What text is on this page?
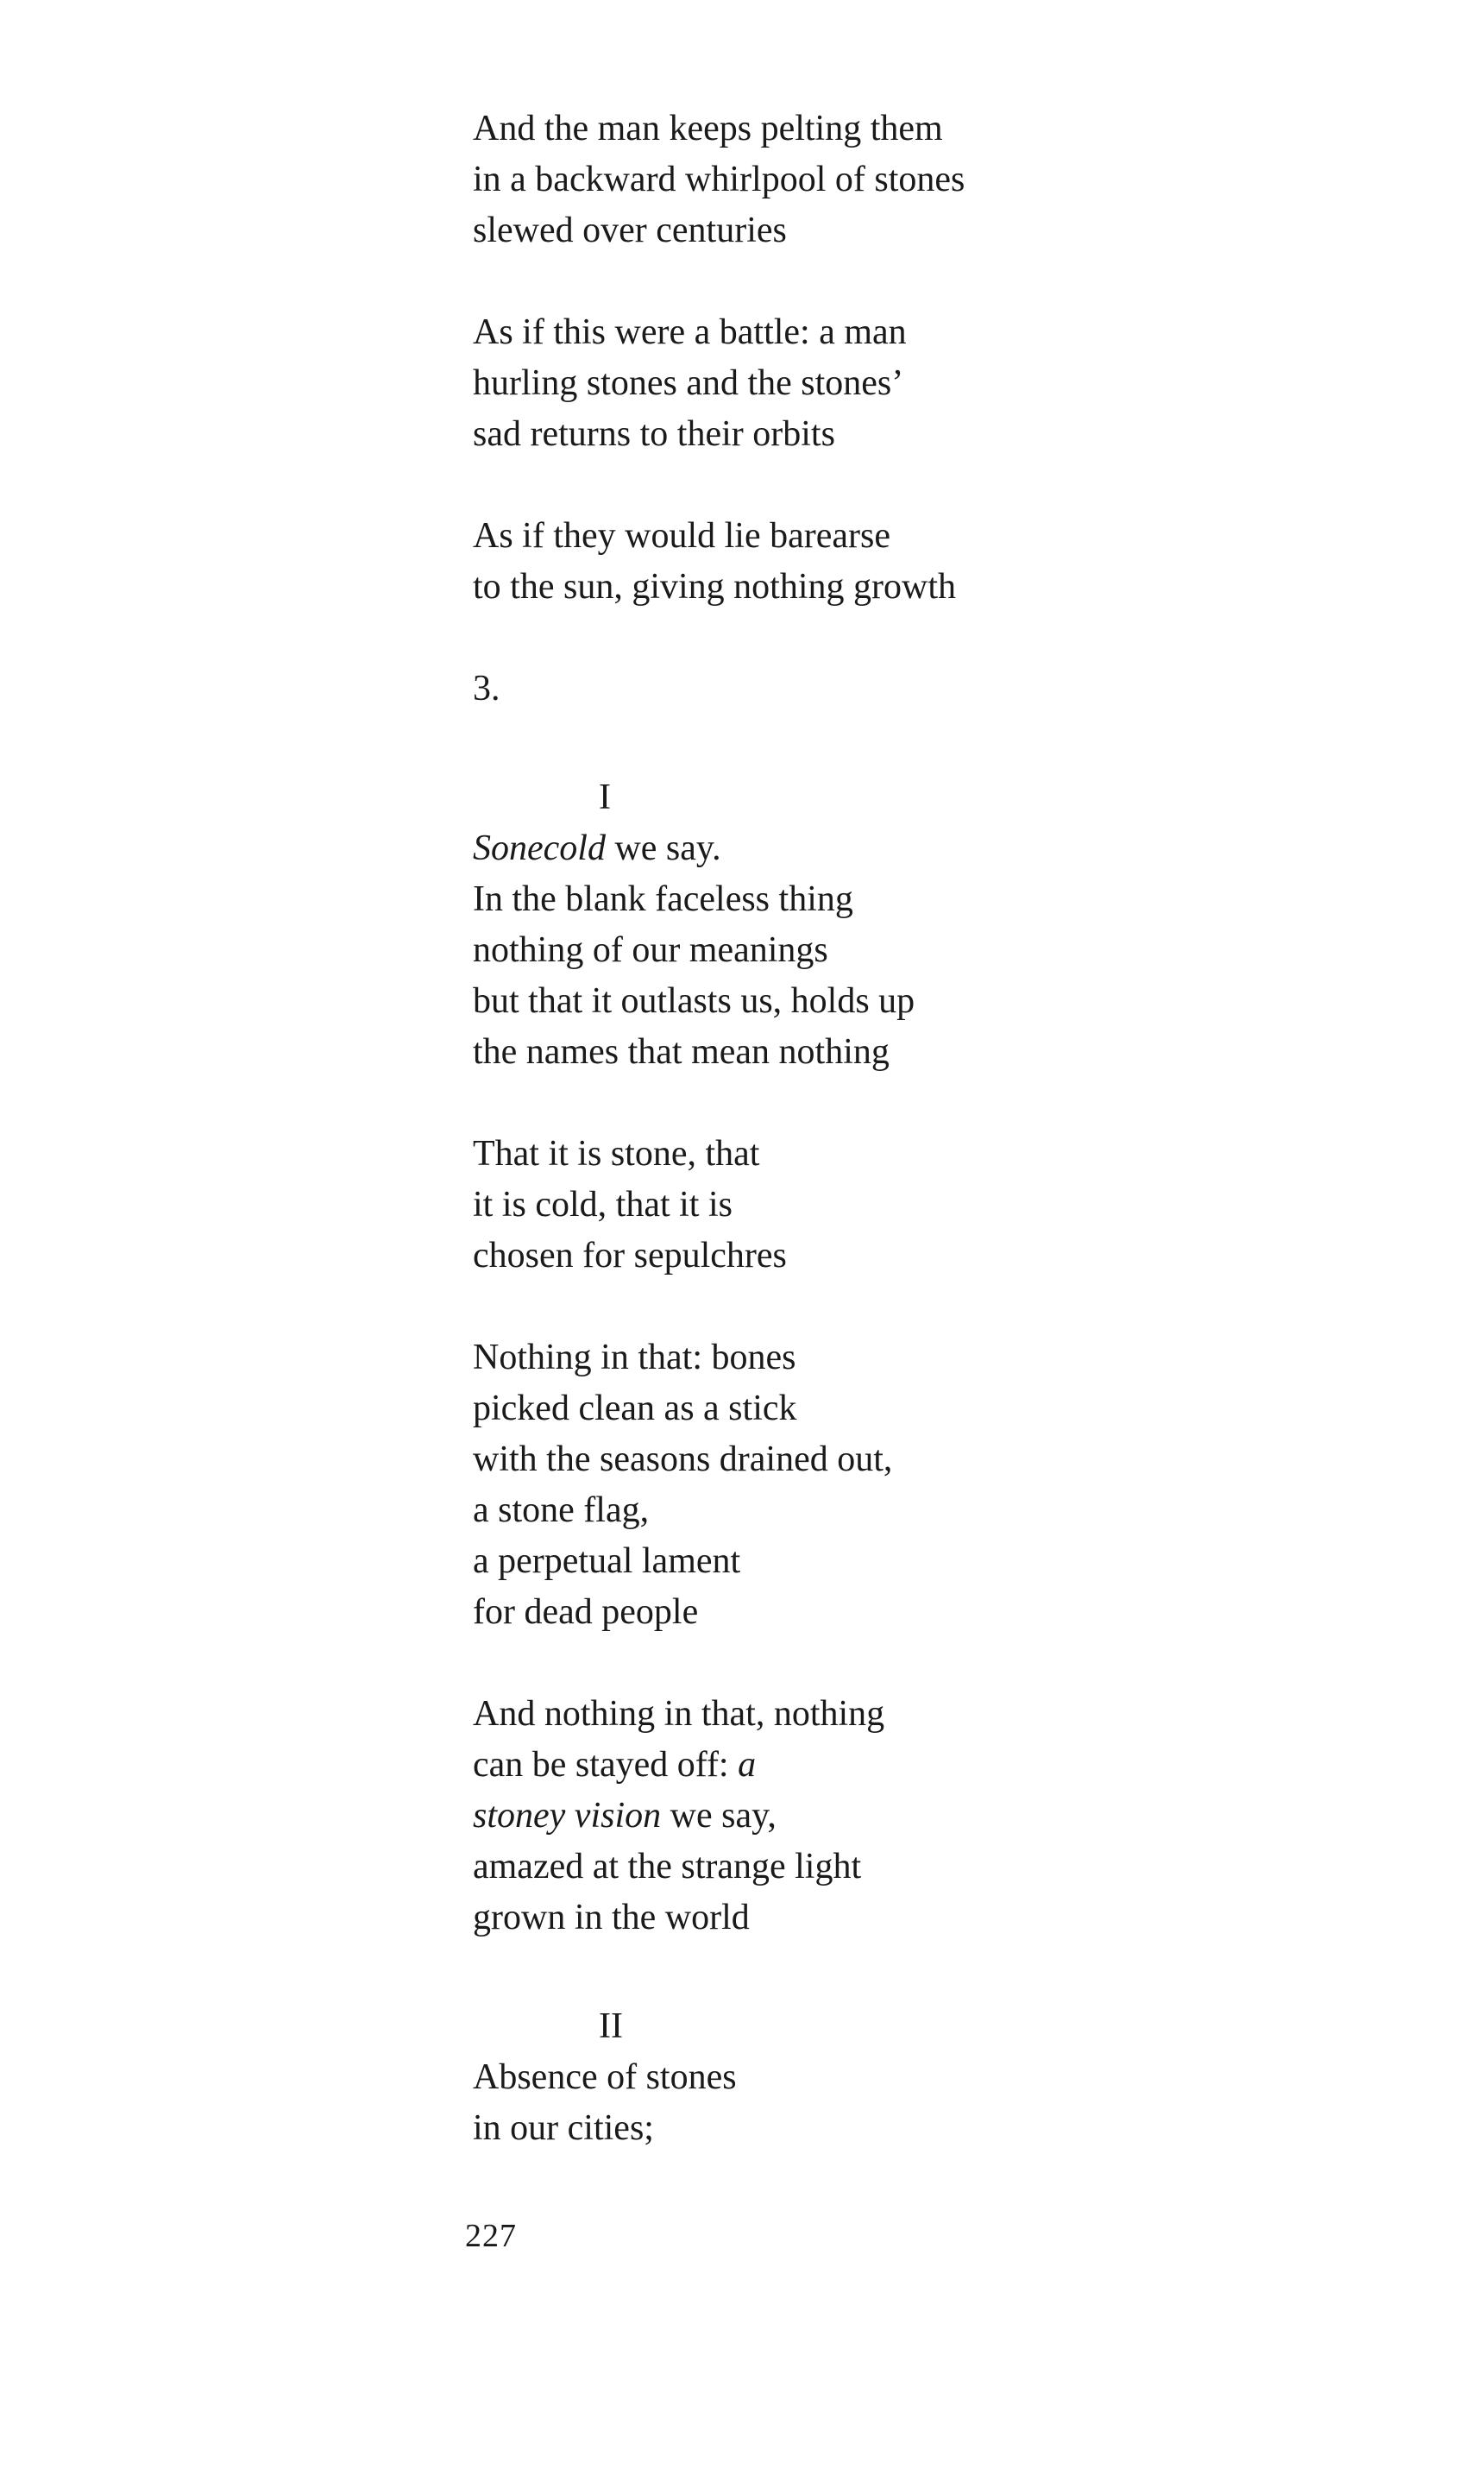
And the man keeps pelting them
in a backward whirlpool of stones
slewed over centuries
As if this were a battle: a man
hurling stones and the stones’
sad returns to their orbits
As if they would lie barearse
to the sun, giving nothing growth
3.
I
Sonecold we say.
In the blank faceless thing
nothing of our meanings
but that it outlasts us, holds up
the names that mean nothing
That it is stone, that
it is cold, that it is
chosen for sepulchres
Nothing in that: bones
picked clean as a stick
with the seasons drained out,
a stone flag,
a perpetual lament
for dead people
And nothing in that, nothing
can be stayed off: a
stoney vision we say,
amazed at the strange light
grown in the world
II
Absence of stones
in our cities;
227
